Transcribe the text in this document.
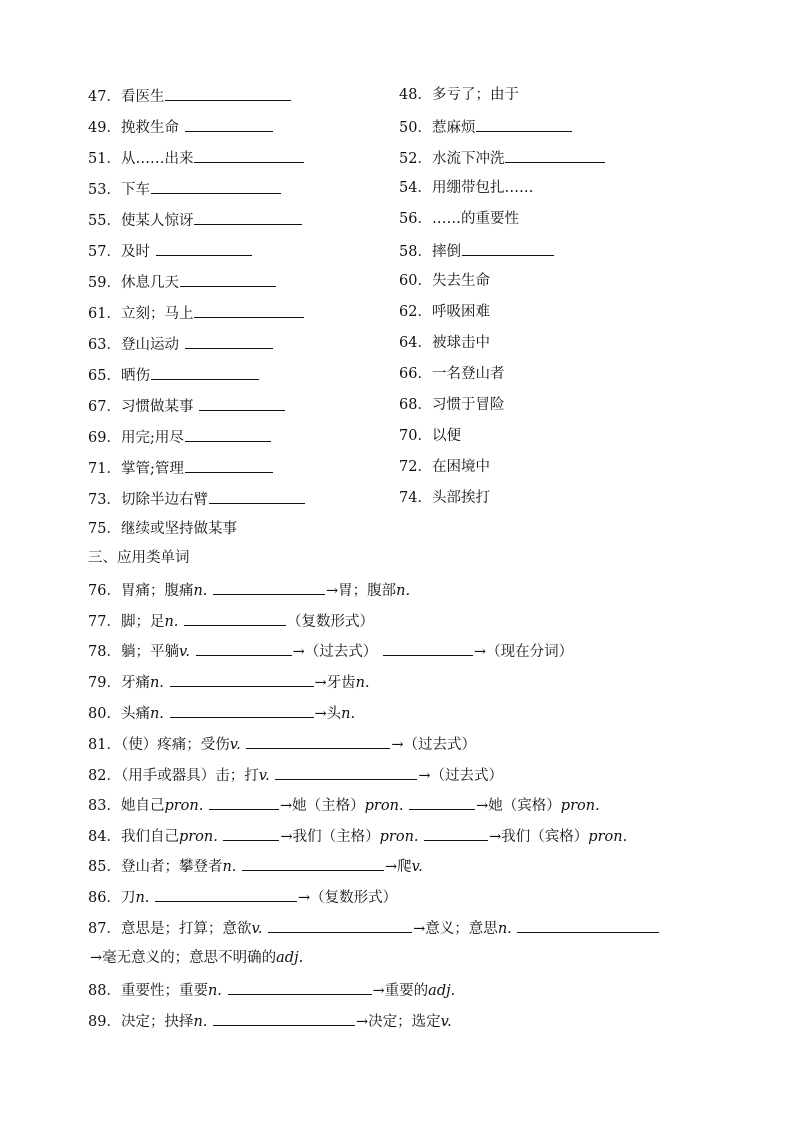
47．看医生	48．多亏了；由于
49．挽救生命	50．惹麻烦
51．从……出来	52．水流下冲洗
53．下车	54．用绷带包扎……
55．使某人惊讶	56．……的重要性
57．及时	58．摔倒
59．休息几天	60．失去生命
61．立刻；马上	62．呼吸困难
63．登山运动	64．被球击中
65．晒伤	66．一名登山者
67．习惯做某事	68．习惯于冒险
69．用完;用尽	70．以便
71．掌管;管理	72．在困境中
73．切除半边右臂	74．头部挨打
75．继续或坚持做某事
三、应用类单词
76．胃痛；腹痛n.	→胃；腹部n.
77．脚；足n.	（复数形式）
78．躺；平躺v.	→（过去式）	→（现在分词）
79．牙痛n.	→牙齿n.
80．头痛n.	→头n.
81．（使）疼痛；受伤v.	→（过去式）
82．（用手或器具）击；打v.	→（过去式）
83．她自己pron.	→她（主格）pron.	→她（宾格）pron.
84．我们自己pron.	→我们（主格）pron.	→我们（宾格）pron.
85．登山者；攀登者n.	→爬v.
86．刀n.	→（复数形式）
87．意思是；打算；意欲v.	→意义；意思n.
→毫无意义的；意思不明确的adj.
88．重要性；重要n.	→重要的adj.
89．决定；抉择n.	→决定；选定v.
